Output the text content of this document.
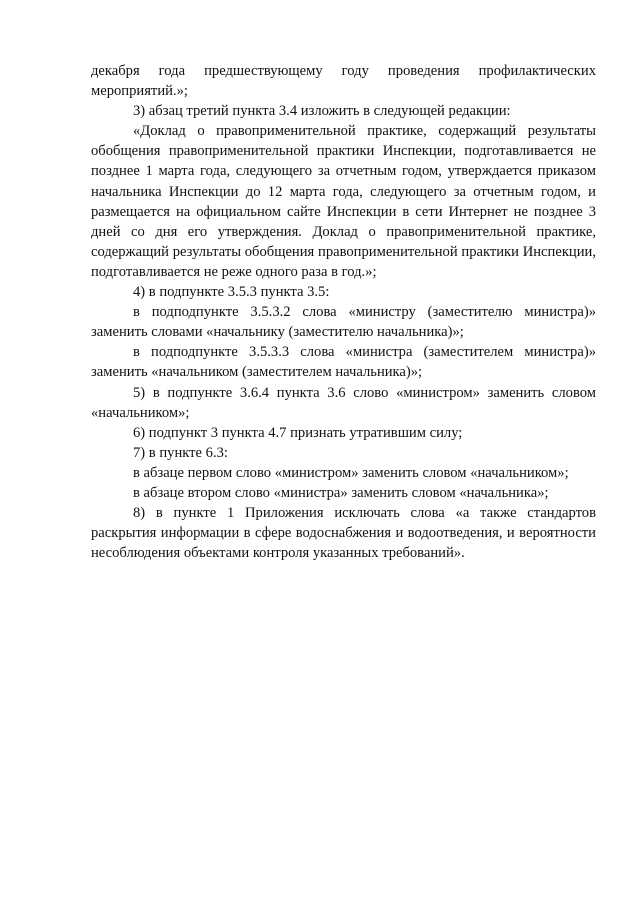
декабря года предшествующему году проведения профилактических мероприятий.»;

3) абзац третий пункта 3.4 изложить в следующей редакции:

«Доклад о правоприменительной практике, содержащий результаты обобщения правоприменительной практики Инспекции, подготавливается не позднее 1 марта года, следующего за отчетным годом, утверждается приказом начальника Инспекции до 12 марта года, следующего за отчетным годом, и размещается на официальном сайте Инспекции в сети Интернет не позднее 3 дней со дня его утверждения. Доклад о правоприменительной практике, содержащий результаты обобщения правоприменительной практики Инспекции, подготавливается не реже одного раза в год.»;

4) в подпункте 3.5.3 пункта 3.5:

в подподпункте 3.5.3.2 слова «министру (заместителю министра)» заменить словами «начальнику (заместителю начальника)»;

в подподпункте 3.5.3.3 слова «министра (заместителем министра)» заменить «начальником (заместителем начальника)»;

5) в подпункте 3.6.4 пункта 3.6 слово «министром» заменить словом «начальником»;

6) подпункт 3 пункта 4.7 признать утратившим силу;

7) в пункте 6.3:

в абзаце первом слово «министром» заменить словом «начальником»;

в абзаце втором слово «министра» заменить словом «начальника»;

8) в пункте 1 Приложения исключать слова «а также стандартов раскрытия информации в сфере водоснабжения и водоотведения, и вероятности несоблюдения объектами контроля указанных требований».
